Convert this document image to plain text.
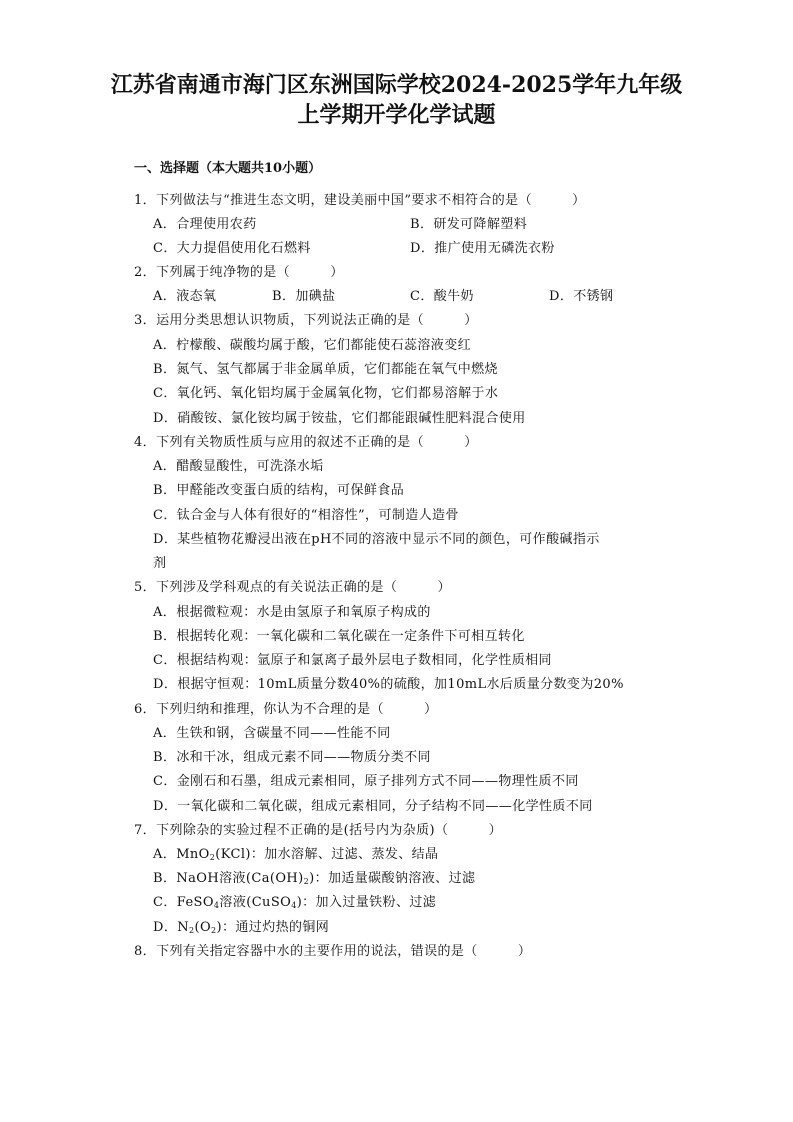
江苏省南通市海门区东洲国际学校2024-2025学年九年级
上学期开学化学试题
一、选择题（本大题共10小题）
1．下列做法与“推进生态文明，建设美丽中国”要求不相符合的是（　　　）
A．合理使用农药	B．研发可降解塑料
C．大力提倡使用化石燃料	D．推广使用无磷洗衣粉
2．下列属于纯净物的是（　　　）
A．液态氧	B．加碘盐	C．酸牛奶	D．不锈钢
3．运用分类思想认识物质，下列说法正确的是（　　　）
A．柠檬酸、碳酸均属于酸，它们都能使石蕊溶液变红
B．氮气、氢气都属于非金属单质，它们都能在氧气中燃烧
C．氧化钙、氧化铝均属于金属氧化物，它们都易溶解于水
D．硝酸铵、氯化铵均属于铵盐，它们都能跟碱性肥料混合使用
4．下列有关物质性质与应用的叙述不正确的是（　　　）
A．醋酸显酸性，可洗涤水垢
B．甲醛能改变蛋白质的结构，可保鲜食品
C．钛合金与人体有很好的“相溶性”，可制造人造骨
D．某些植物花瓣浸出液在pH不同的溶液中显示不同的颜色，可作酸碱指示
剂
5．下列涉及学科观点的有关说法正确的是（　　　）
A．根据微粒观：水是由氢原子和氧原子构成的
B．根据转化观：一氧化碳和二氧化碳在一定条件下可相互转化
C．根据结构观：氩原子和氯离子最外层电子数相同，化学性质相同
D．根据守恒观：10mL质量分数40%的硫酸，加10mL水后质量分数变为20%
6．下列归纳和推理，你认为不合理的是（　　　）
A．生铁和钢，含碳量不同——性能不同
B．冰和干冰，组成元素不同——物质分类不同
C．金刚石和石墨，组成元素相同，原子排列方式不同——物理性质不同
D．一氧化碳和二氧化碳，组成元素相同，分子结构不同——化学性质不同
7．下列除杂的实验过程不正确的是(括号内为杂质)（　　　）
A．MnO$_2$(KCl)：加水溶解、过滤、蒸发、结晶
B．NaOH溶液$(Ca(OH)_2)$：加适量碳酸钠溶液、过滤
C．FeSO$_4$溶液(CuSO$_4$)：加入过量铁粉、过滤
D．$N_2(O_2)$：通过灼热的铜网
8．下列有关指定容器中水的主要作用的说法，错误的是（　　　）
